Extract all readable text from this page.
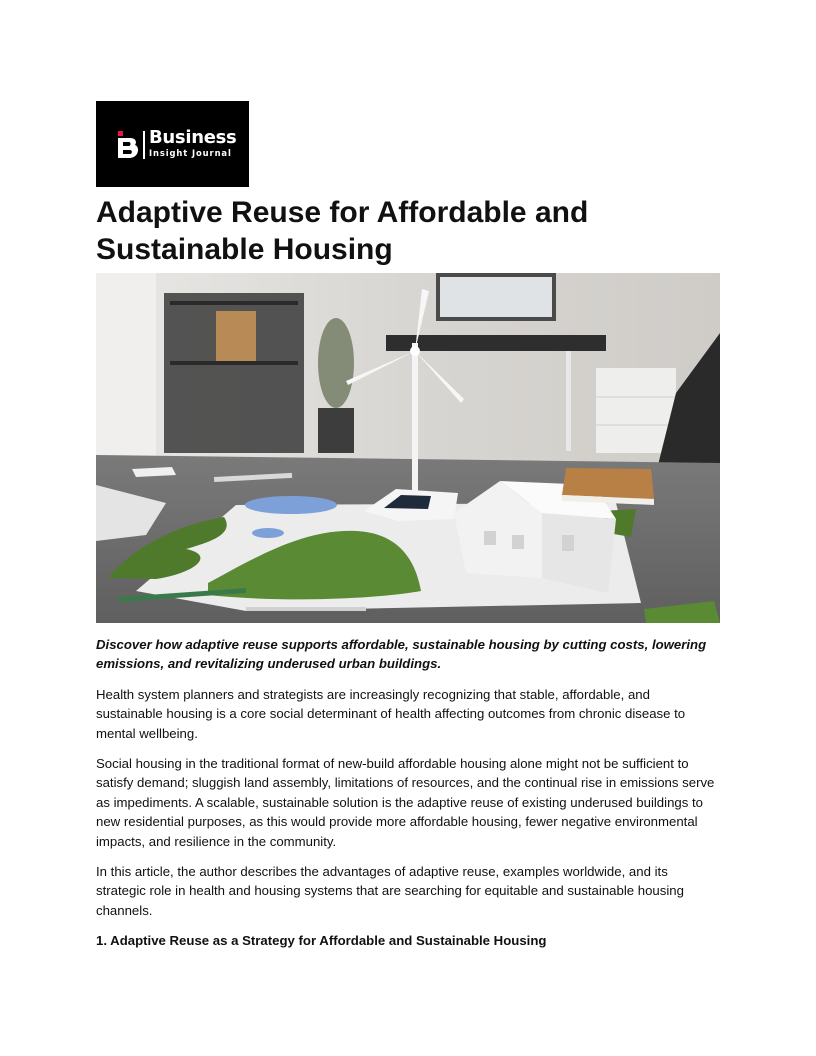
Business
Insight Journal
Adaptive Reuse for Affordable and Sustainable Housing

Discover how adaptive reuse supports affordable, sustainable housing by cutting costs, lowering emissions, and revitalizing underused urban buildings.

Health system planners and strategists are increasingly recognizing that stable, affordable, and sustainable housing is a core social determinant of health affecting outcomes from chronic disease to mental wellbeing.

Social housing in the traditional format of new-build affordable housing alone might not be sufficient to satisfy demand; sluggish land assembly, limitations of resources, and the continual rise in emissions serve as impediments. A scalable, sustainable solution is the adaptive reuse of existing underused buildings to new residential purposes, as this would provide more affordable housing, fewer negative environmental impacts, and resilience in the community.

In this article, the author describes the advantages of adaptive reuse, examples worldwide, and its strategic role in health and housing systems that are searching for equitable and sustainable housing channels.

1. Adaptive Reuse as a Strategy for Affordable and Sustainable Housing
